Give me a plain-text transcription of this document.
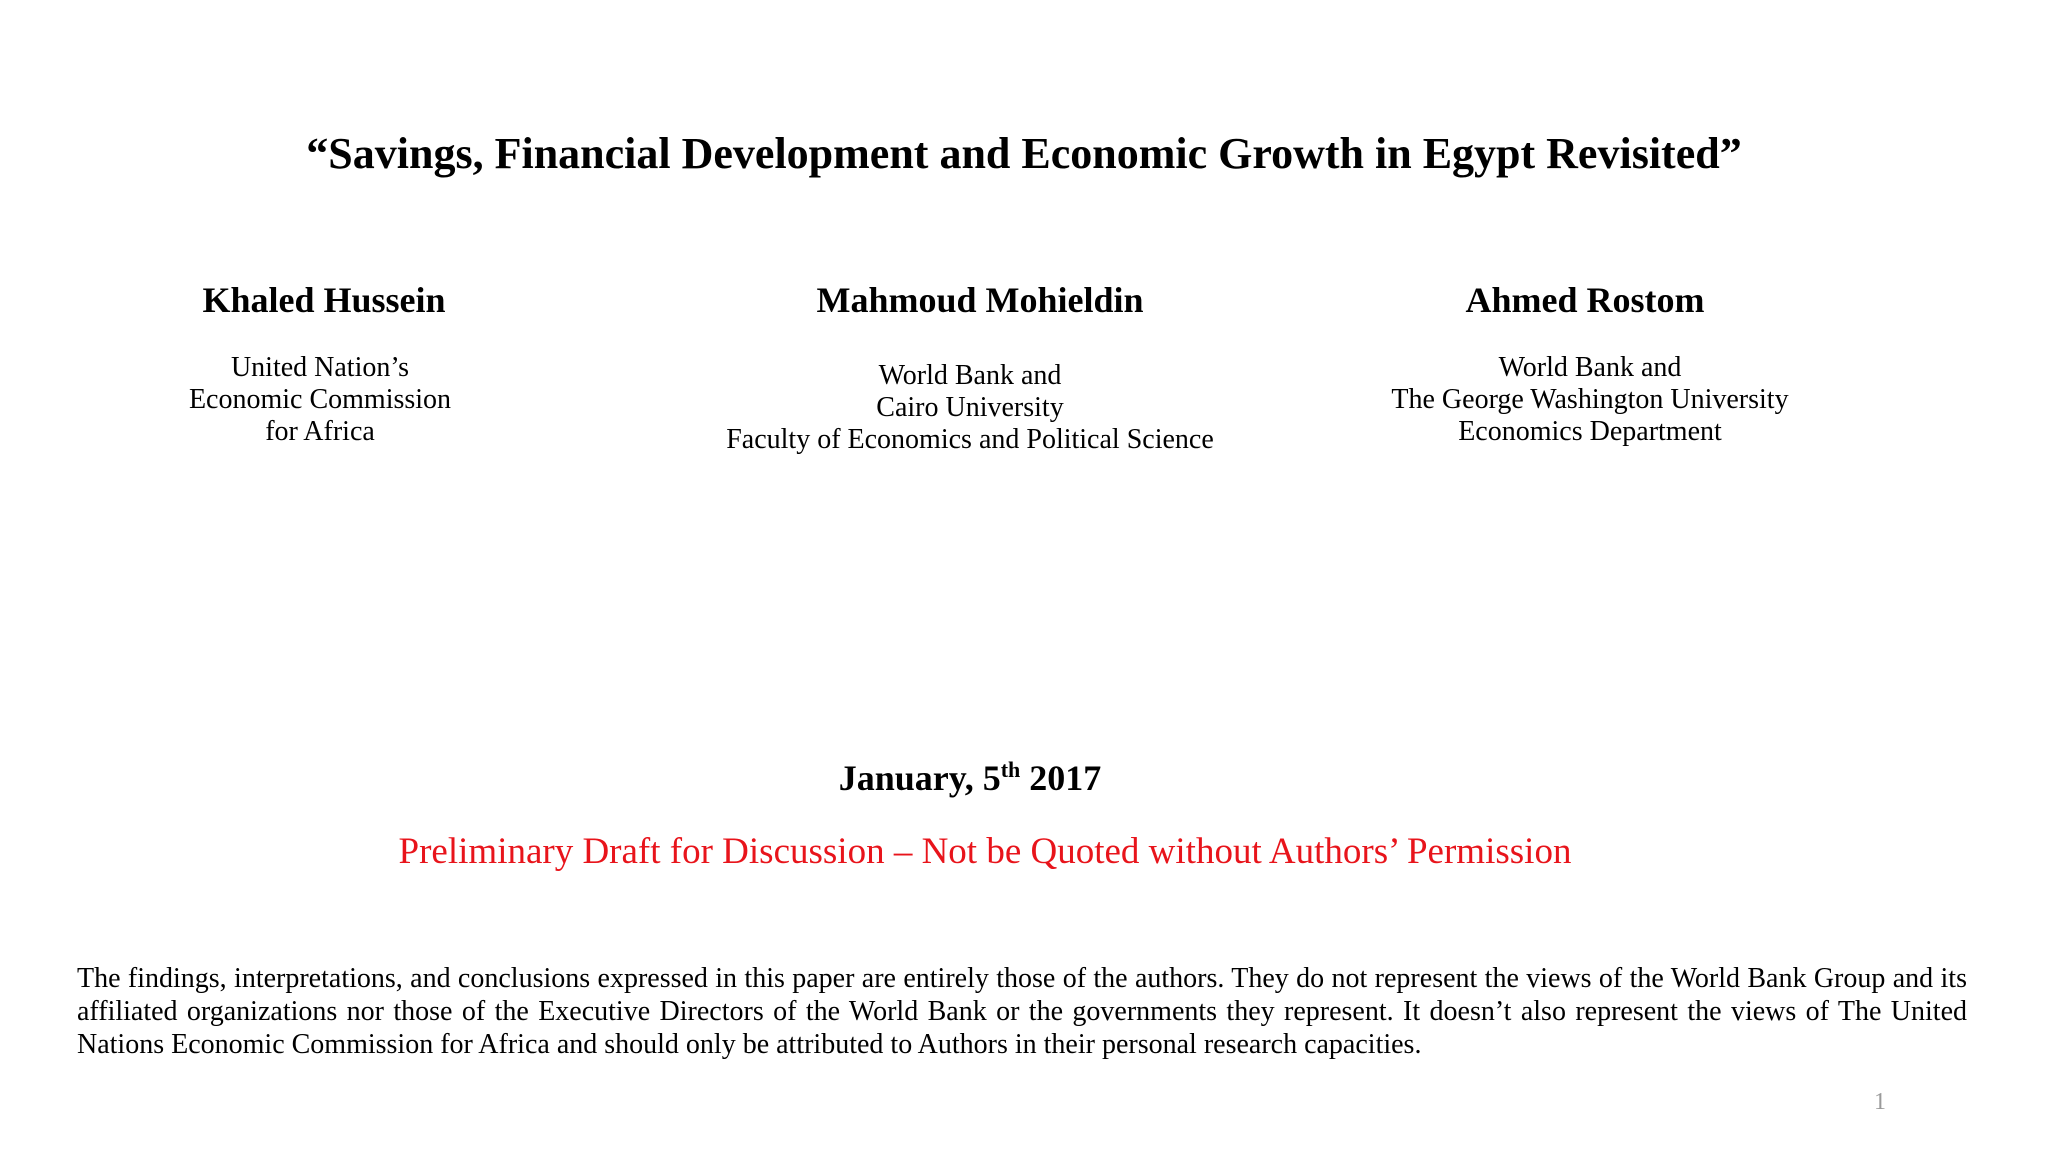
“Savings, Financial Development and Economic Growth in Egypt Revisited”
Khaled Hussein
United Nation’s
Economic Commission
for Africa
Mahmoud Mohieldin
World Bank and
Cairo University
Faculty of Economics and Political Science
Ahmed Rostom
World Bank and
The George Washington University
Economics Department
January, 5th 2017
Preliminary Draft for Discussion – Not be Quoted without Authors’ Permission
The findings, interpretations, and conclusions expressed in this paper are entirely those of the authors. They do not represent the views of the World Bank Group and its affiliated organizations nor those of the Executive Directors of the World Bank or the governments they represent. It doesn’t also represent the views of The United Nations Economic Commission for Africa and should only be attributed to Authors in their personal research capacities.
1
